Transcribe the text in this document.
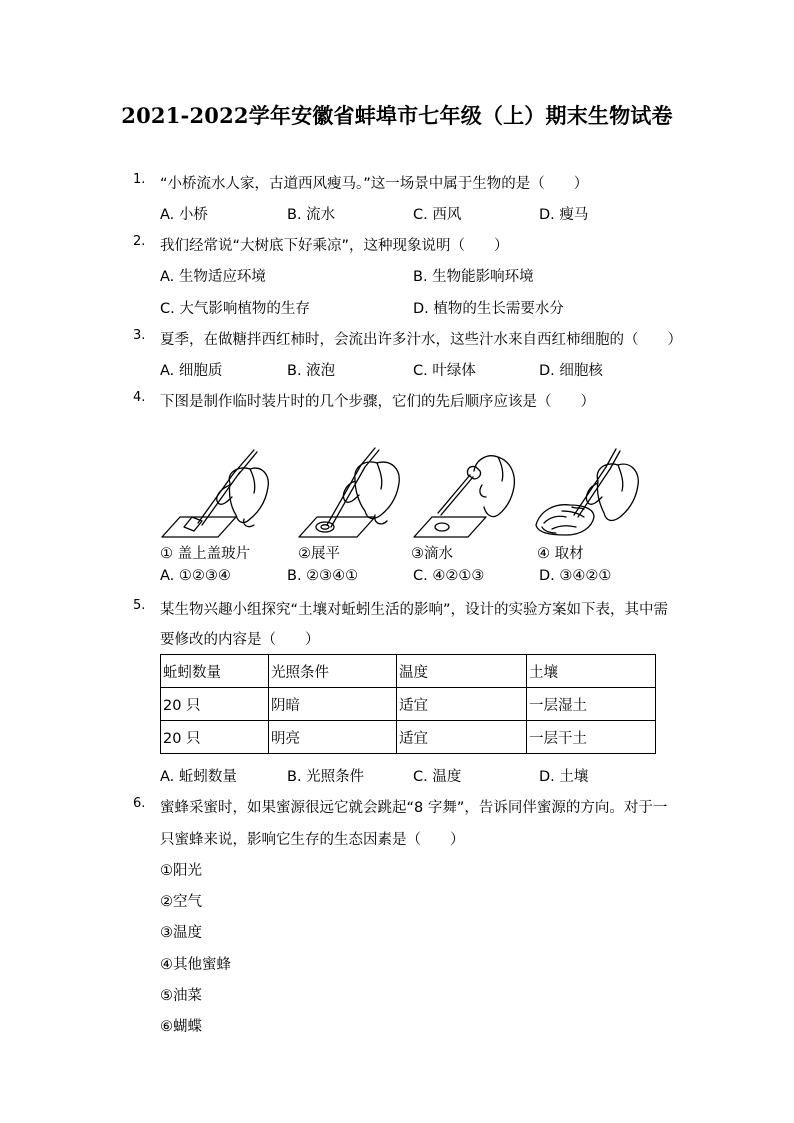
2021-2022学年安徽省蚌埠市七年级（上）期末生物试卷
1.	“小桥流水人家，古道西风瘦马。”这一场景中属于生物的是（　　）
A. 小桥	B. 流水	C. 西风	D. 瘦马
2.	我们经常说“大树底下好乘凉”，这种现象说明（　　）
A. 生物适应环境	B. 生物能影响环境
C. 大气影响植物的生存	D. 植物的生长需要水分
3.	夏季，在做糖拌西红柿时，会流出许多汁水，这些汁水来自西红柿细胞的（　　）
A. 细胞质	B. 液泡	C. 叶绿体	D. 细胞核
4.	下图是制作临时装片时的几个步骤，它们的先后顺序应该是（　　）
① 盖上盖玻片	②展平	③滴水	④ 取材
A. ①②③④	B. ②③④①	C. ④②①③	D. ③④②①
5.	某生物兴趣小组探究“土壤对蚯蚓生活的影响”，设计的实验方案如下表，其中需
要修改的内容是（　　）
蚯蚓数量	光照条件	温度	土壤
20 只	阴暗	适宜	一层湿土
20 只	明亮	适宜	一层干土
A. 蚯蚓数量	B. 光照条件	C. 温度	D. 土壤
6.	蜜蜂采蜜时，如果蜜源很远它就会跳起“8 字舞”，告诉同伴蜜源的方向。对于一
只蜜蜂来说，影响它生存的生态因素是（　　）
①阳光
②空气
③温度
④其他蜜蜂
⑤油菜
⑥蝴蝶
